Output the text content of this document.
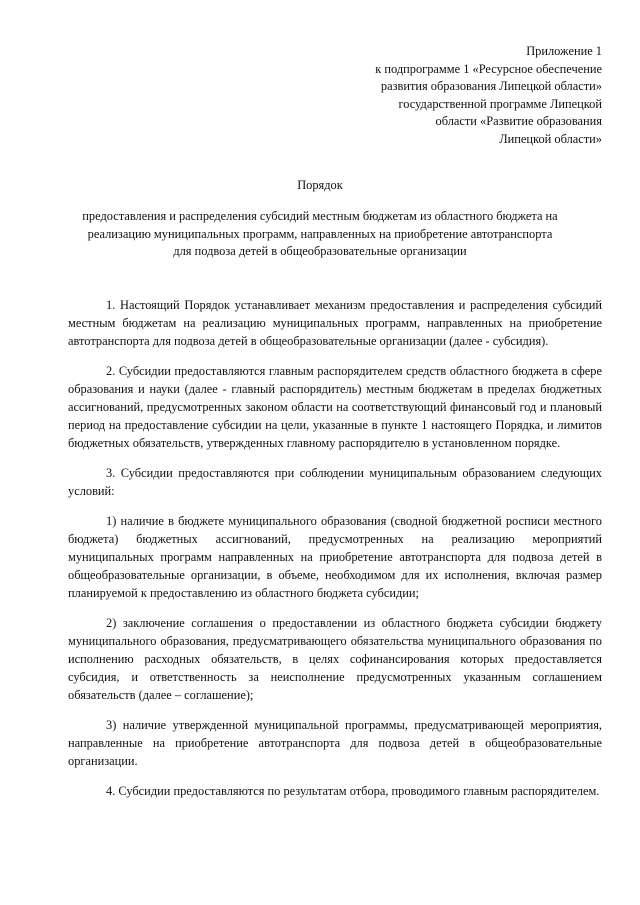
Приложение 1
к подпрограмме 1 «Ресурсное обеспечение
развития образования Липецкой области»
государственной программе Липецкой
области «Развитие образования
Липецкой области»
Порядок
предоставления и распределения субсидий местным бюджетам из областного бюджета на реализацию муниципальных программ, направленных на приобретение автотранспорта для подвоза детей в общеобразовательные организации

1. Настоящий Порядок устанавливает механизм предоставления и распределения субсидий местным бюджетам на реализацию муниципальных программ, направленных на приобретение автотранспорта для подвоза детей в общеобразовательные организации (далее - субсидия).

2. Субсидии предоставляются главным распорядителем средств областного бюджета в сфере образования и науки (далее - главный распорядитель) местным бюджетам в пределах бюджетных ассигнований, предусмотренных законом области на соответствующий финансовый год и плановый период на предоставление субсидии на цели, указанные в пункте 1 настоящего Порядка, и лимитов бюджетных обязательств, утвержденных главному распорядителю в установленном порядке.

3. Субсидии предоставляются при соблюдении муниципальным образованием следующих условий:

1) наличие в бюджете муниципального образования (сводной бюджетной росписи местного бюджета) бюджетных ассигнований, предусмотренных на реализацию мероприятий муниципальных программ направленных на приобретение автотранспорта для подвоза детей в общеобразовательные организации, в объеме, необходимом для их исполнения, включая размер планируемой к предоставлению из областного бюджета субсидии;

2) заключение соглашения о предоставлении из областного бюджета субсидии бюджету муниципального образования, предусматривающего обязательства муниципального образования по исполнению расходных обязательств, в целях софинансирования которых предоставляется субсидия, и ответственность за неисполнение предусмотренных указанным соглашением обязательств (далее – соглашение);

3) наличие утвержденной муниципальной программы, предусматривающей мероприятия, направленные на приобретение автотранспорта для подвоза детей в общеобразовательные организации.

4. Субсидии предоставляются по результатам отбора, проводимого главным распорядителем.
